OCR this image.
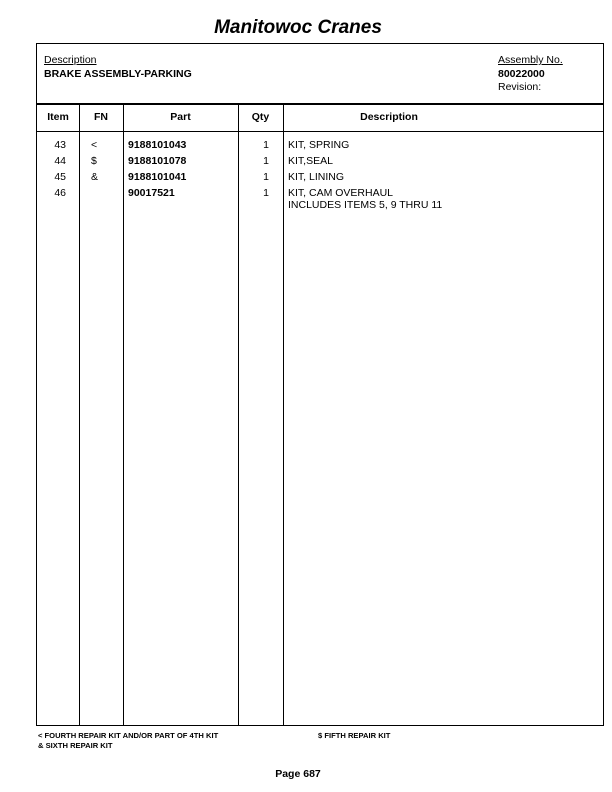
Manitowoc Cranes
Description
BRAKE ASSEMBLY-PARKING
Assembly No.
80022000
Revision:
Item	FN	Part	Qty	Description
43 <	9188101043	1 KIT, SPRING
44 $	9188101078	1 KIT,SEAL
45 &	9188101041	1 KIT, LINING
46	90017521	1 KIT, CAM OVERHAUL
INCLUDES ITEMS 5, 9 THRU 11
< FOURTH REPAIR KIT AND/OR PART OF 4TH KIT	$ FIFTH REPAIR KIT
& SIXTH REPAIR KIT
Page 687
